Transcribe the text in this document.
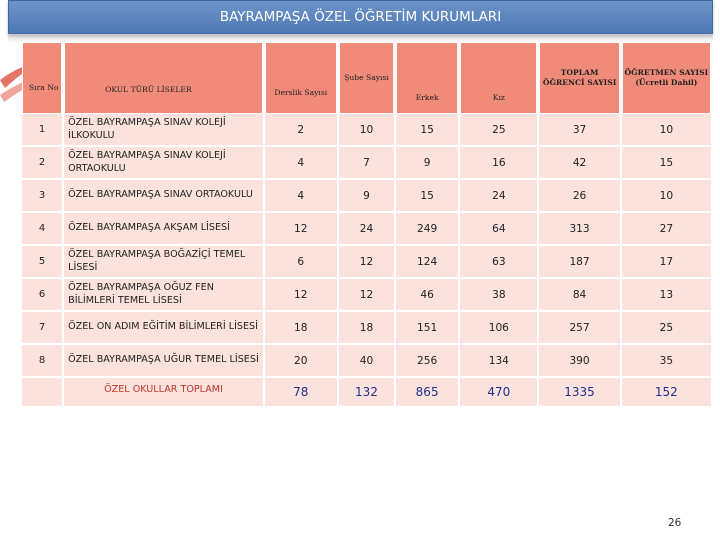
BAYRAMPAŞA ÖZEL ÖĞRETİM KURUMLARI
Sıra No	OKUL TÜRÜ LİSELER	Derslik Sayısı	Şube Sayısı	Erkek	Kız	TOPLAM ÖĞRENCİ SAYISI	ÖĞRETMEN SAYISI (Ücretli Dahil)
1	ÖZEL BAYRAMPAŞA SINAV KOLEJİ İLKOKULU	2	10	15	25	37	10
2	ÖZEL BAYRAMPAŞA SINAV KOLEJİ ORTAOKULU	4	7	9	16	42	15
3	ÖZEL BAYRAMPAŞA SINAV ORTAOKULU	4	9	15	24	26	10
4	ÖZEL BAYRAMPAŞA AKŞAM LİSESİ	12	24	249	64	313	27
5	ÖZEL BAYRAMPAŞA BOĞAZİÇİ TEMEL LİSESİ	6	12	124	63	187	17
6	ÖZEL BAYRAMPAŞA OĞUZ FEN BİLİMLERİ TEMEL LİSESİ	12	12	46	38	84	13
7	ÖZEL ON ADIM EĞİTİM BİLİMLERİ LİSESİ	18	18	151	106	257	25
8	ÖZEL BAYRAMPAŞA UĞUR TEMEL LİSESİ	20	40	256	134	390	35
	ÖZEL OKULLAR TOPLAMI	78	132	865	470	1335	152
26
